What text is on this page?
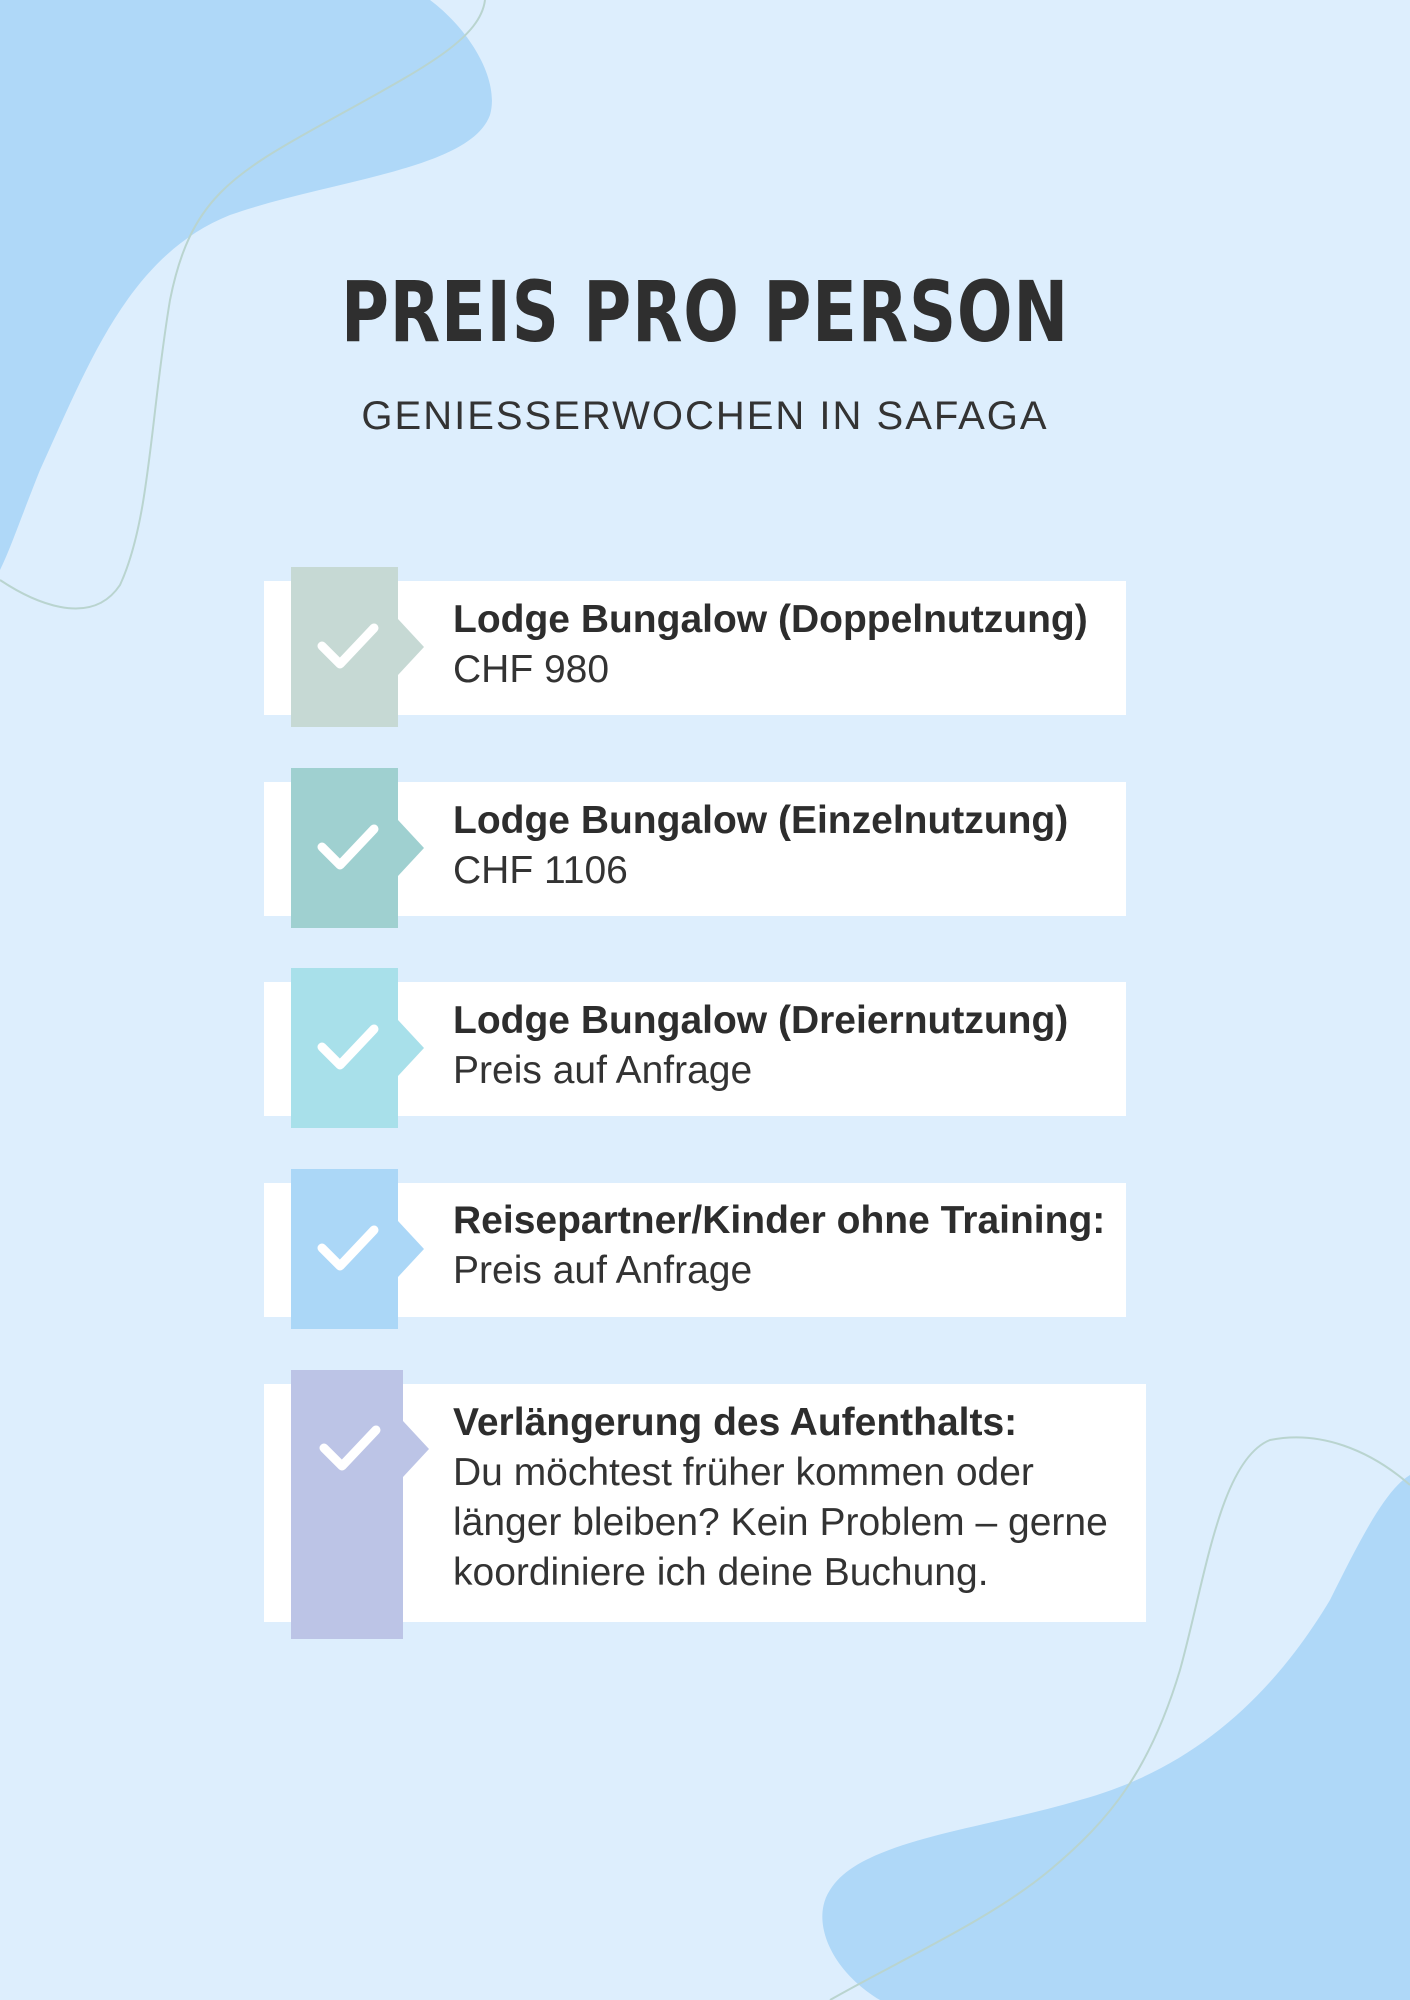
PREIS PRO PERSON
GENIESSERWOCHEN IN SAFAGA
Lodge Bungalow (Doppelnutzung)
CHF 980
Lodge Bungalow (Einzelnutzung)
CHF 1106
Lodge Bungalow (Dreiernutzung)
Preis auf Anfrage
Reisepartner/Kinder ohne Training:
Preis auf Anfrage
Verlängerung des Aufenthalts:
Du möchtest früher kommen oder länger bleiben? Kein Problem – gerne koordiniere ich deine Buchung.
